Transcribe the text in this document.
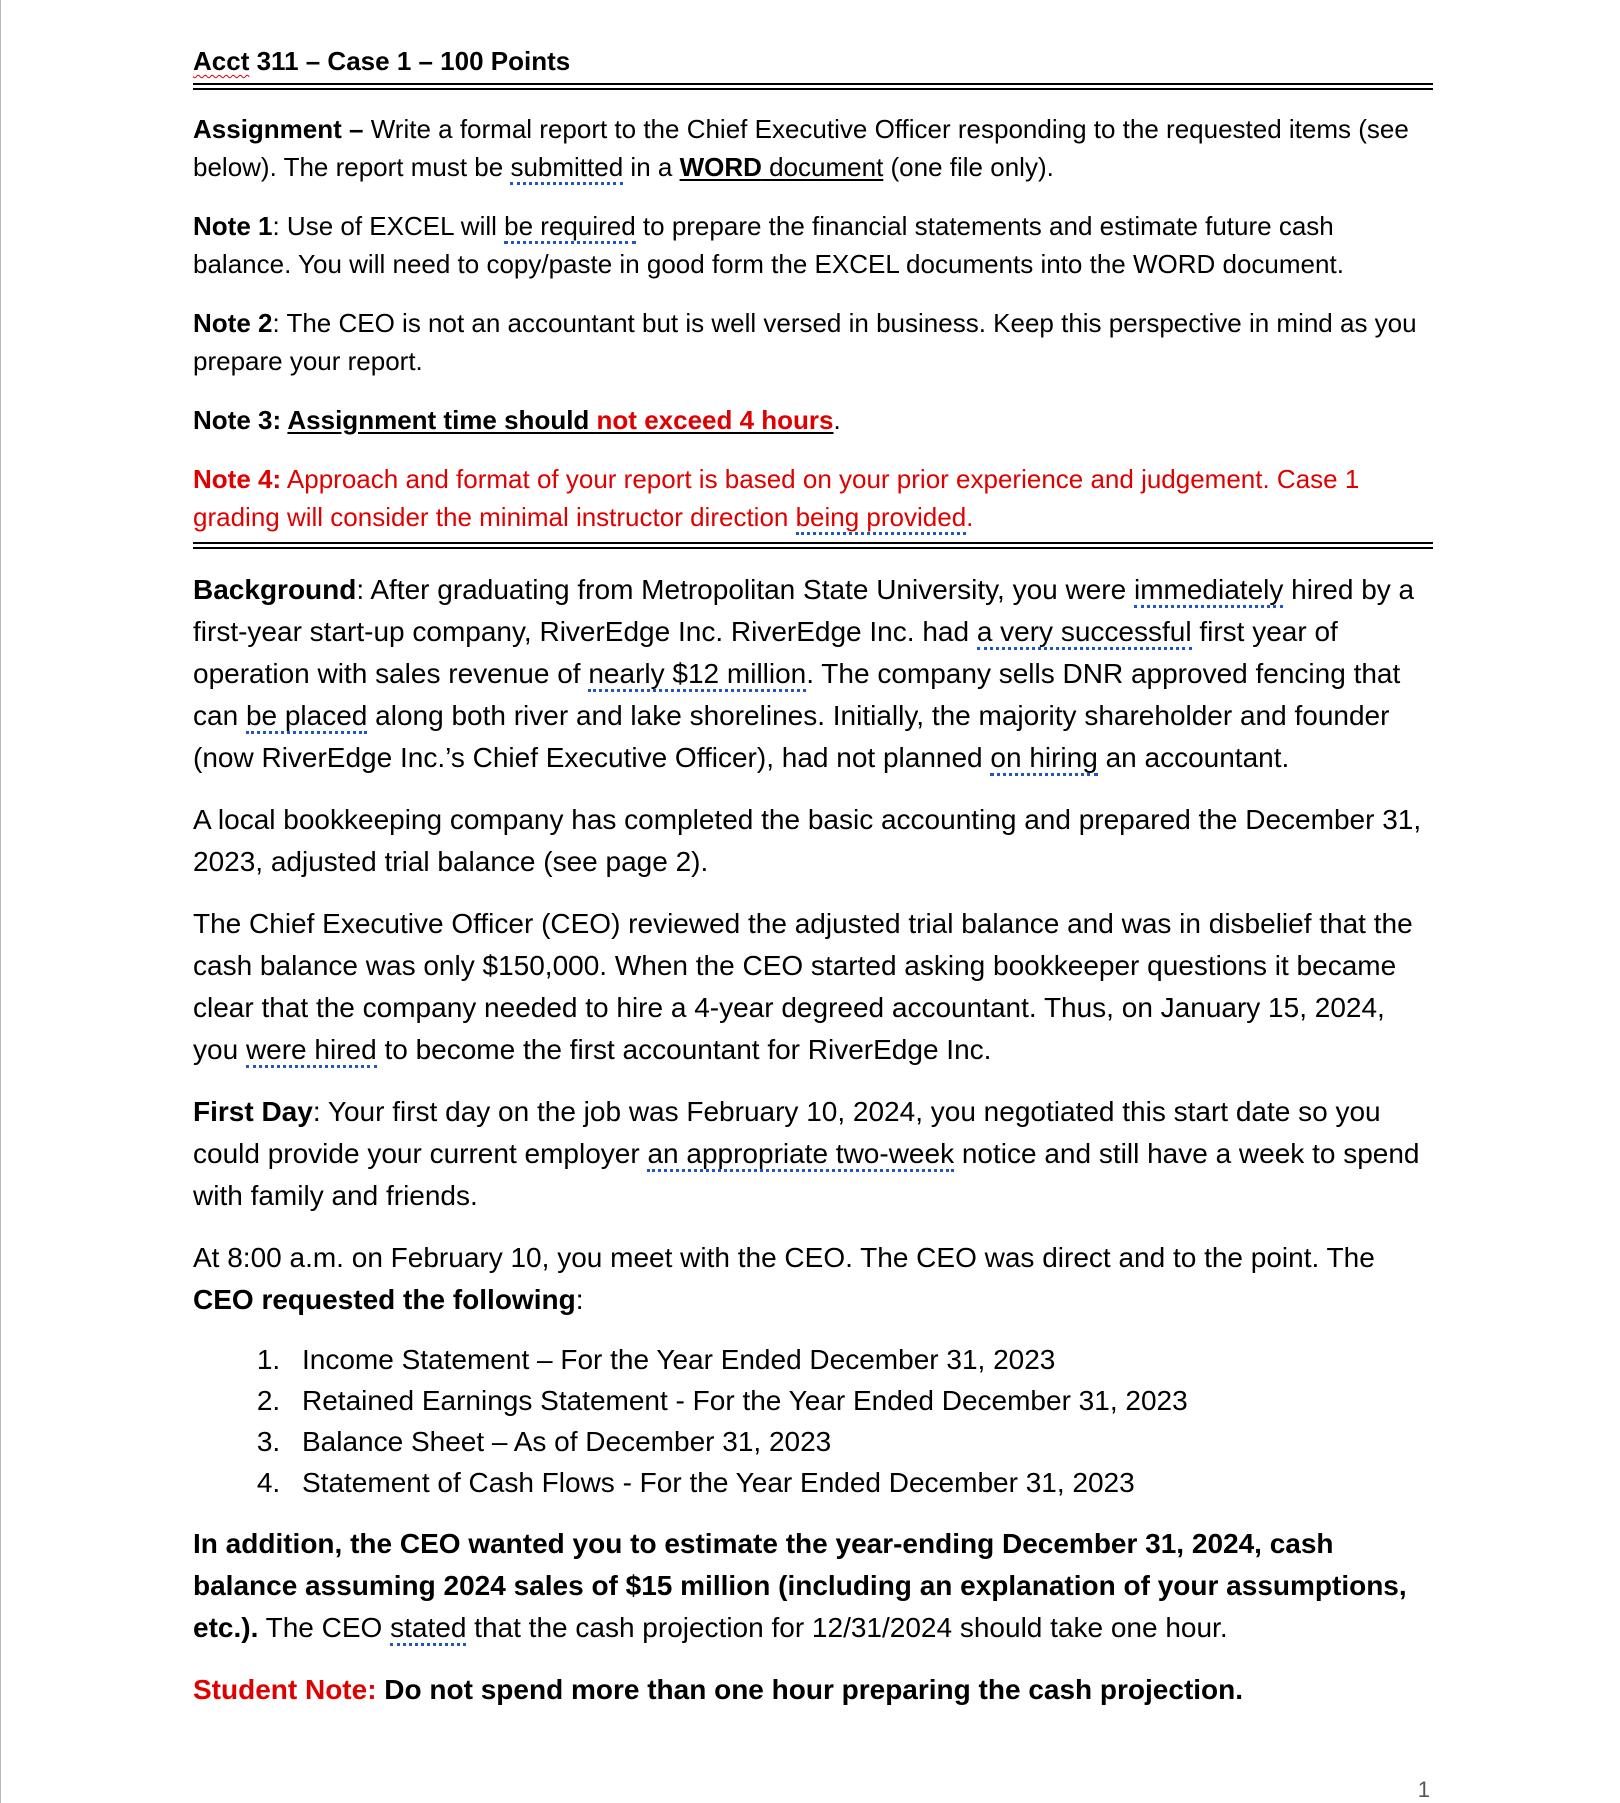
Acct 311 – Case 1 – 100 Points

Assignment – Write a formal report to the Chief Executive Officer responding to the requested items (see below). The report must be submitted in a WORD document (one file only).

Note 1: Use of EXCEL will be required to prepare the financial statements and estimate future cash balance. You will need to copy/paste in good form the EXCEL documents into the WORD document.

Note 2: The CEO is not an accountant but is well versed in business. Keep this perspective in mind as you prepare your report.

Note 3: Assignment time should not exceed 4 hours.

Note 4: Approach and format of your report is based on your prior experience and judgement. Case 1 grading will consider the minimal instructor direction being provided.

Background: After graduating from Metropolitan State University, you were immediately hired by a first-year start-up company, RiverEdge Inc. RiverEdge Inc. had a very successful first year of operation with sales revenue of nearly $12 million. The company sells DNR approved fencing that can be placed along both river and lake shorelines. Initially, the majority shareholder and founder (now RiverEdge Inc.’s Chief Executive Officer), had not planned on hiring an accountant.

A local bookkeeping company has completed the basic accounting and prepared the December 31, 2023, adjusted trial balance (see page 2).

The Chief Executive Officer (CEO) reviewed the adjusted trial balance and was in disbelief that the cash balance was only $150,000. When the CEO started asking bookkeeper questions it became clear that the company needed to hire a 4-year degreed accountant. Thus, on January 15, 2024, you were hired to become the first accountant for RiverEdge Inc.

First Day: Your first day on the job was February 10, 2024, you negotiated this start date so you could provide your current employer an appropriate two-week notice and still have a week to spend with family and friends.

At 8:00 a.m. on February 10, you meet with the CEO. The CEO was direct and to the point. The CEO requested the following:

1. Income Statement – For the Year Ended December 31, 2023
2. Retained Earnings Statement - For the Year Ended December 31, 2023
3. Balance Sheet – As of December 31, 2023
4. Statement of Cash Flows - For the Year Ended December 31, 2023

In addition, the CEO wanted you to estimate the year-ending December 31, 2024, cash balance assuming 2024 sales of $15 million (including an explanation of your assumptions, etc.). The CEO stated that the cash projection for 12/31/2024 should take one hour.

Student Note: Do not spend more than one hour preparing the cash projection.

1
